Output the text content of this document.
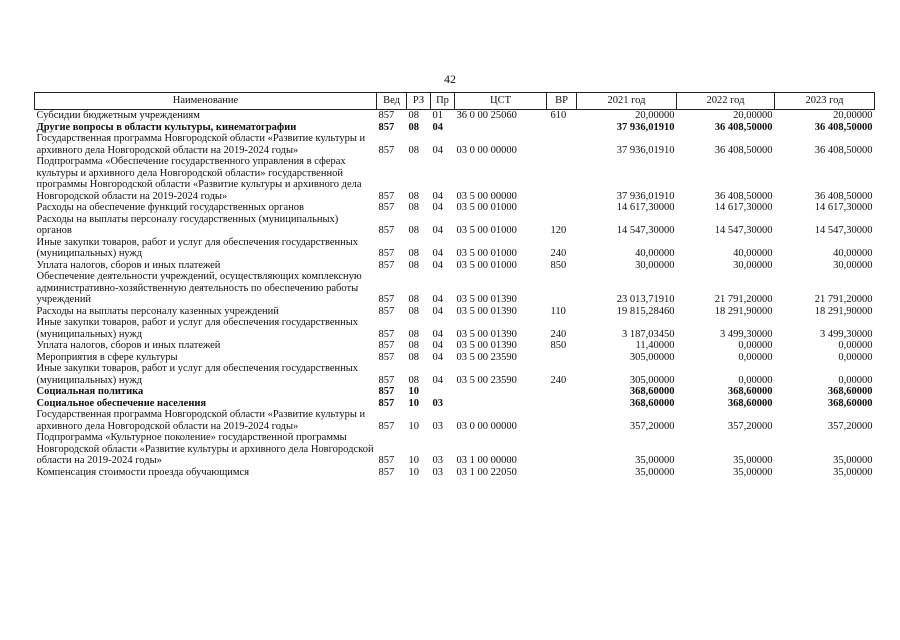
42
Наименование	Вед	РЗ	Пр	ЦСТ	ВР	2021 год	2022 год	2023 год
Субсидии бюджетным учреждениям	857	08	01	36 0 00 25060	610	20,00000	20,00000	20,00000
Другие вопросы в области культуры, кинематографии	857	08	04			37 936,01910	36 408,50000	36 408,50000
Государственная программа Новгородской области «Развитие культуры и архивного дела Новгородской области на 2019-2024 годы»	857	08	04	03 0 00 00000		37 936,01910	36 408,50000	36 408,50000
Подпрограмма «Обеспечение государственного управления в сферах культуры и архивного дела Новгородской области» государственной программы Новгородской области «Развитие культуры и архивного дела Новгородской области на 2019-2024 годы»	857	08	04	03 5 00 00000		37 936,01910	36 408,50000	36 408,50000
Расходы на обеспечение функций государственных органов	857	08	04	03 5 00 01000		14 617,30000	14 617,30000	14 617,30000
Расходы на выплаты персоналу государственных (муниципальных) органов	857	08	04	03 5 00 01000	120	14 547,30000	14 547,30000	14 547,30000
Иные закупки товаров, работ и услуг для обеспечения государственных (муниципальных) нужд	857	08	04	03 5 00 01000	240	40,00000	40,00000	40,00000
Уплата налогов, сборов и иных платежей	857	08	04	03 5 00 01000	850	30,00000	30,00000	30,00000
Обеспечение деятельности учреждений, осуществляющих комплексную административно-хозяйственную деятельность по обеспечению работы учреждений	857	08	04	03 5 00 01390		23 013,71910	21 791,20000	21 791,20000
Расходы на выплаты персоналу казенных учреждений	857	08	04	03 5 00 01390	110	19 815,28460	18 291,90000	18 291,90000
Иные закупки товаров, работ и услуг для обеспечения государственных (муниципальных) нужд	857	08	04	03 5 00 01390	240	3 187,03450	3 499,30000	3 499,30000
Уплата налогов, сборов и иных платежей	857	08	04	03 5 00 01390	850	11,40000	0,00000	0,00000
Мероприятия в сфере культуры	857	08	04	03 5 00 23590		305,00000	0,00000	0,00000
Иные закупки товаров, работ и услуг для обеспечения государственных (муниципальных) нужд	857	08	04	03 5 00 23590	240	305,00000	0,00000	0,00000
Социальная политика	857	10				368,60000	368,60000	368,60000
Социальное обеспечение населения	857	10	03			368,60000	368,60000	368,60000
Государственная программа Новгородской области «Развитие культуры и архивного дела Новгородской области на 2019-2024 годы»	857	10	03	03 0 00 00000		357,20000	357,20000	357,20000
Подпрограмма «Культурное поколение» государственной программы Новгородской области «Развитие культуры и архивного дела Новгородской области на 2019-2024 годы»	857	10	03	03 1 00 00000		35,00000	35,00000	35,00000
Компенсация стоимости проезда обучающимся	857	10	03	03 1 00 22050		35,00000	35,00000	35,00000
